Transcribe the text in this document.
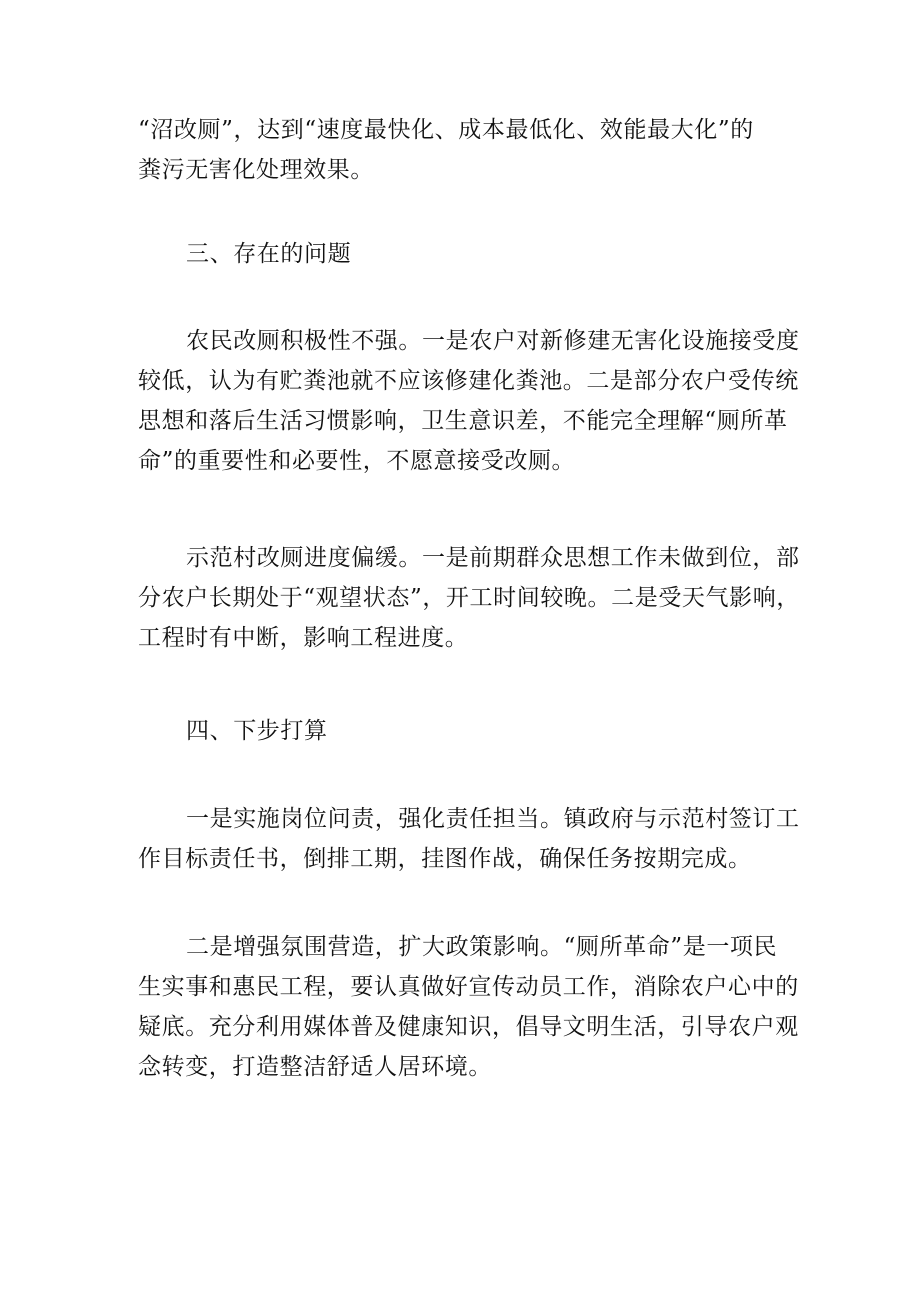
“沼改厕”，达到“速度最快化、成本最低化、效能最大化”的
粪污无害化处理效果。

三、存在的问题

农民改厕积极性不强。一是农户对新修建无害化设施接受度
较低，认为有贮粪池就不应该修建化粪池。二是部分农户受传统
思想和落后生活习惯影响，卫生意识差，不能完全理解“厕所革
命”的重要性和必要性，不愿意接受改厕。

示范村改厕进度偏缓。一是前期群众思想工作未做到位，部
分农户长期处于“观望状态”，开工时间较晚。二是受天气影响，
工程时有中断，影响工程进度。

四、下步打算

一是实施岗位问责，强化责任担当。镇政府与示范村签订工
作目标责任书，倒排工期，挂图作战，确保任务按期完成。

二是增强氛围营造，扩大政策影响。“厕所革命”是一项民
生实事和惠民工程，要认真做好宣传动员工作，消除农户心中的
疑底。充分利用媒体普及健康知识，倡导文明生活，引导农户观
念转变，打造整洁舒适人居环境。
